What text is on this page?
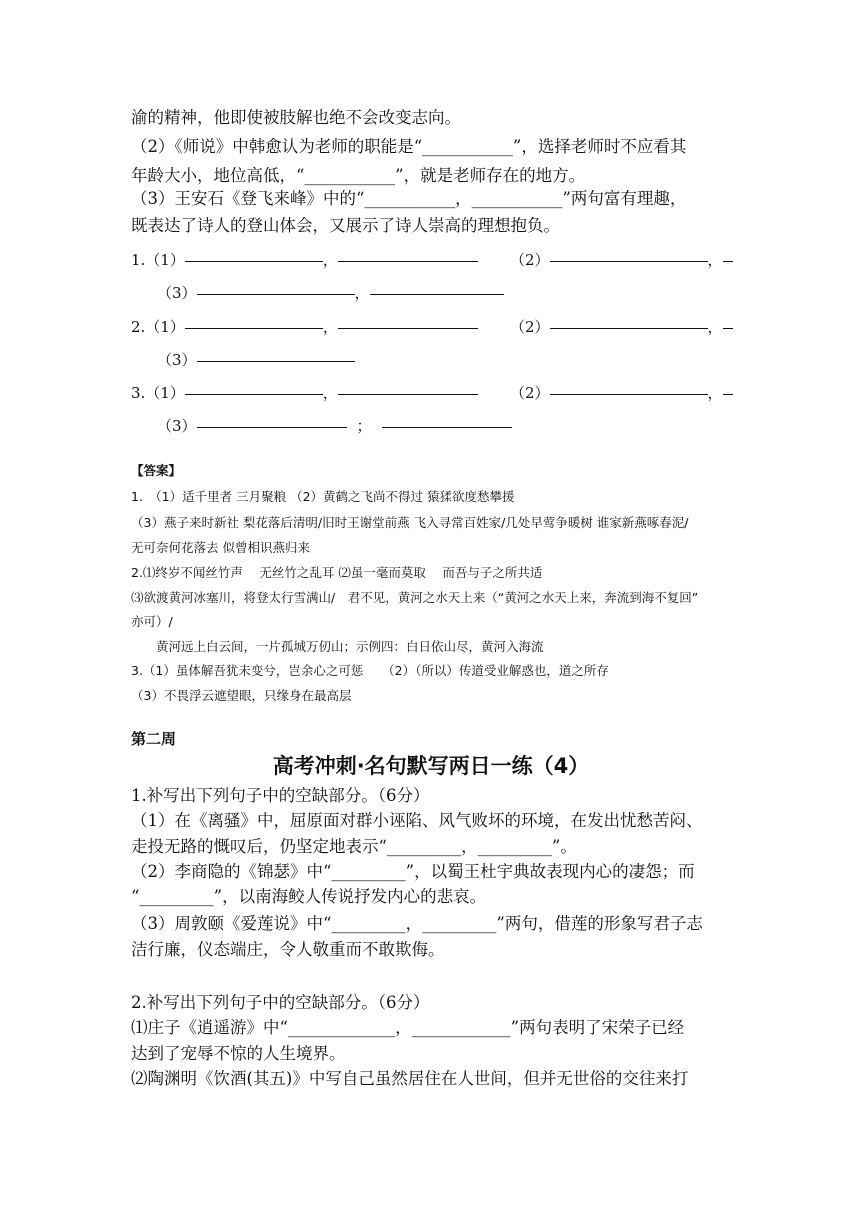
渝的精神，他即使被肢解也绝不会改变志向。
（2）《师说》中韩愈认为老师的职能是“___________”，选择老师时不应看其
年龄大小，地位高低，“___________”，就是老师存在的地方。
（3）王安石《登飞来峰》中的“___________，___________”两句富有理趣，
既表达了诗人的登山体会，又展示了诗人崇高的理想抱负。
1.（1）	，	（2）	，
（3）	，
2.（1）	，	（2）	，
（3）
3.（1）	，	（2）	，
（3）	；
【答案】
1.　（1）适千里者 三月聚粮 （2）黄鹤之飞尚不得过 猿猱欲度愁攀援
（3）燕子来时新社 梨花落后清明/旧时王谢堂前燕 飞入寻常百姓家/几处早莺争暖树 谁家新燕啄春泥/
无可奈何花落去 似曾相识燕归来
2.⑴终岁不闻丝竹声　 无丝竹之乱耳 ⑵虽一毫而莫取　 而吾与子之所共适
⑶欲渡黄河冰塞川，将登太行雪满山/　君不见，黄河之水天上来（“黄河之水天上来，奔流到海不复回”
亦可）/
　　黄河远上白云间，一片孤城万仞山；示例四：白日依山尽，黄河入海流
3.（1）虽体解吾犹未变兮，岂余心之可惩　　（2）（所以）传道受业解惑也，道之所存
（3）不畏浮云遮望眼，只缘身在最高层
第二周
高考冲刺·名句默写两日一练（4）
1.补写出下列句子中的空缺部分。（6分）
（1）在《离骚》中，屈原面对群小诬陷、风气败坏的环境，在发出忧愁苦闷、
走投无路的慨叹后，仍坚定地表示“_________，_________”。
（2）李商隐的《锦瑟》中“_________”，以蜀王杜宇典故表现内心的凄怨；而
“_________”，以南海鲛人传说抒发内心的悲哀。
（3）周敦颐《爱莲说》中“_________，_________”两句，借莲的形象写君子志
洁行廉，仪态端庄，令人敬重而不敢欺侮。
2.补写出下列句子中的空缺部分。（6分）
⑴庄子《逍遥游》中“_____________，____________”两句表明了宋荣子已经
达到了宠辱不惊的人生境界。
⑵陶渊明《饮酒(其五)》中写自己虽然居住在人世间，但并无世俗的交往来打
